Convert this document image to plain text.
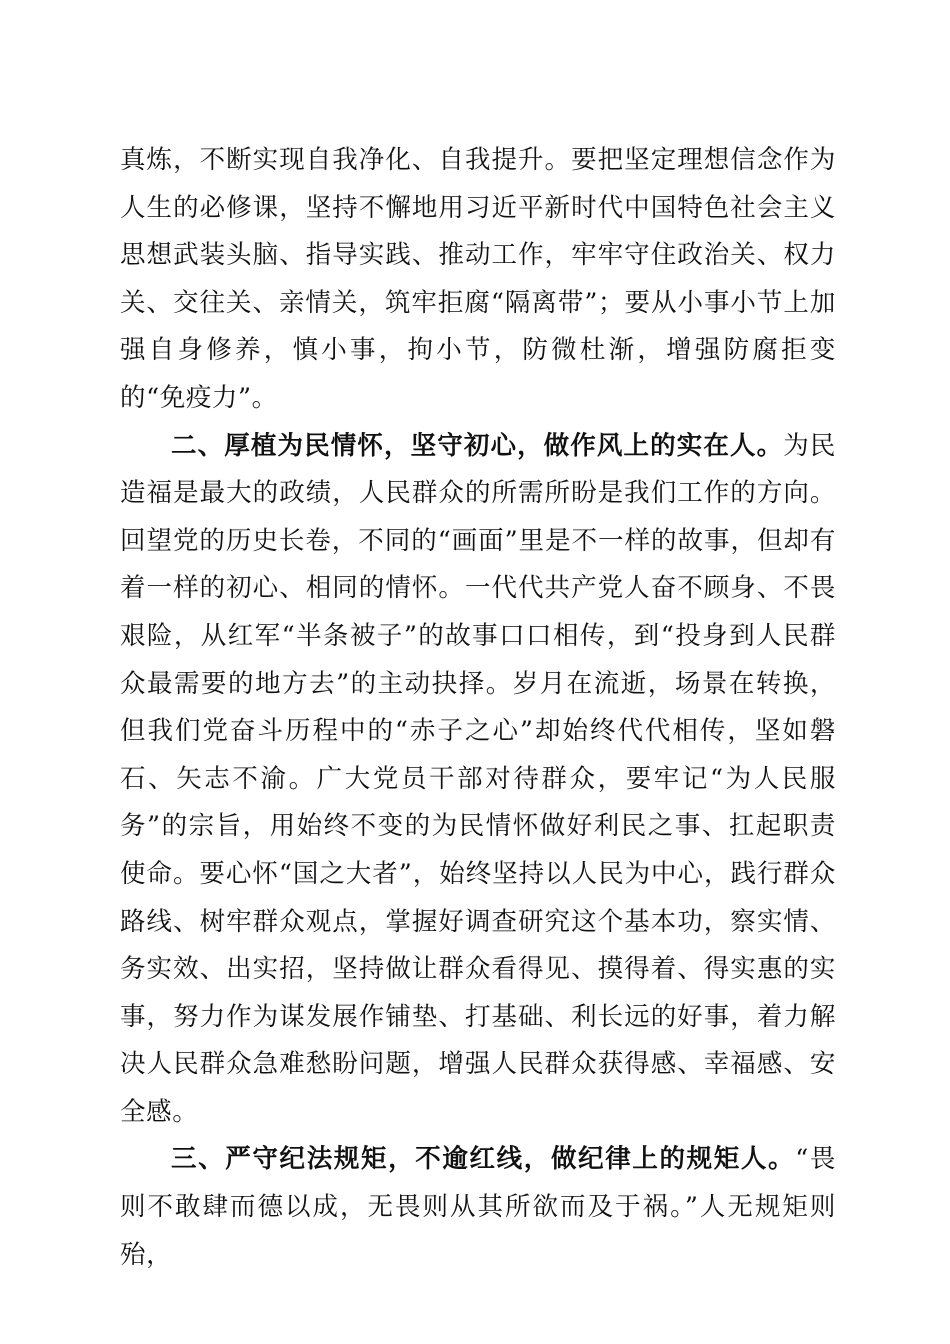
真炼，不断实现自我净化、自我提升。要把坚定理想信念作为人生的必修课，坚持不懈地用习近平新时代中国特色社会主义思想武装头脑、指导实践、推动工作，牢牢守住政治关、权力关、交往关、亲情关，筑牢拒腐“隔离带”；要从小事小节上加强自身修养，慎小事，拘小节，防微杜渐，增强防腐拒变的“免疫力”。

二、厚植为民情怀，坚守初心，做作风上的实在人。为民造福是最大的政绩，人民群众的所需所盼是我们工作的方向。回望党的历史长卷，不同的“画面”里是不一样的故事，但却有着一样的初心、相同的情怀。一代代共产党人奋不顾身、不畏艰险，从红军“半条被子”的故事口口相传，到“投身到人民群众最需要的地方去”的主动抉择。岁月在流逝，场景在转换，但我们党奋斗历程中的“赤子之心”却始终代代相传，坚如磐石、矢志不渝。广大党员干部对待群众，要牢记“为人民服务”的宗旨，用始终不变的为民情怀做好利民之事、扛起职责使命。要心怀“国之大者”，始终坚持以人民为中心，践行群众路线、树牢群众观点，掌握好调查研究这个基本功，察实情、务实效、出实招，坚持做让群众看得见、摸得着、得实惠的实事，努力作为谋发展作铺垫、打基础、利长远的好事，着力解决人民群众急难愁盼问题，增强人民群众获得感、幸福感、安全感。

三、严守纪法规矩，不逾红线，做纪律上的规矩人。“畏则不敢肆而德以成，无畏则从其所欲而及于祸。”人无规矩则殆，
